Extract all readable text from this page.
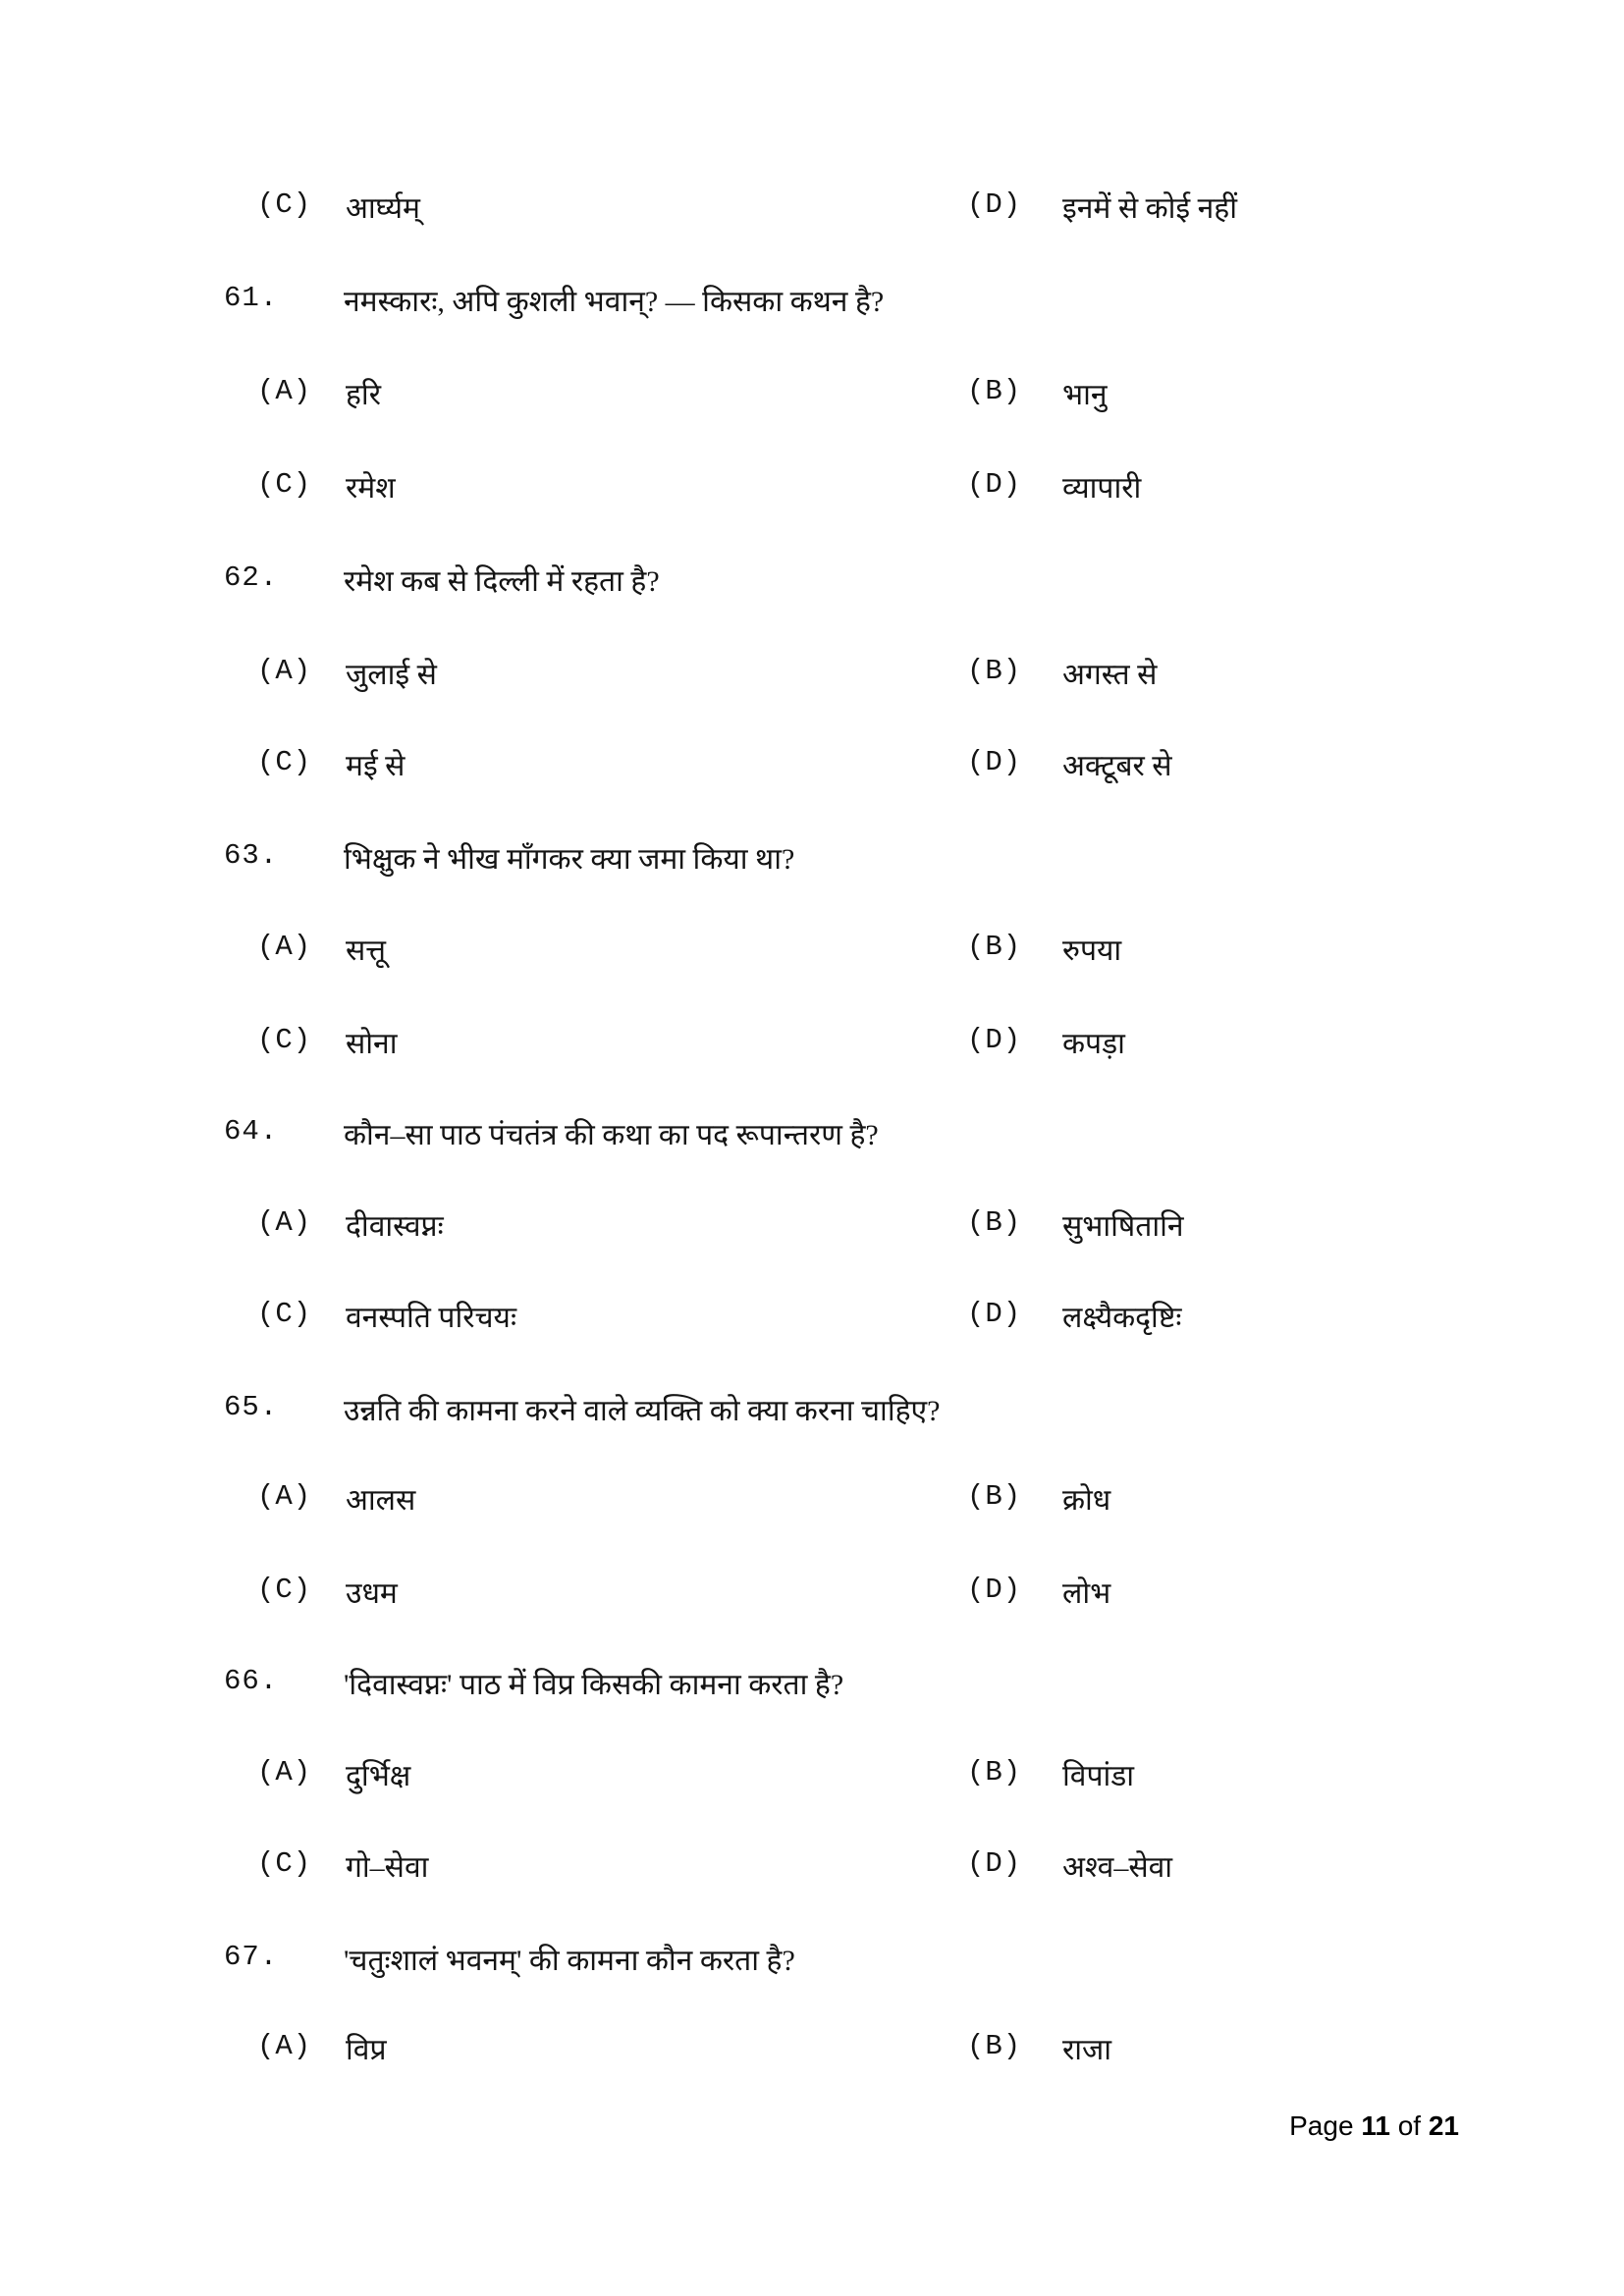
(C) आर्घ्यम्	(D) इनमें से कोई नहीं
61. नमस्कारः, अपि कुशली भवान्? –– किसका कथन है?
(A) हरि	(B) भानु
(C) रमेश	(D) व्यापारी
62. रमेश कब से दिल्ली में रहता है?
(A) जुलाई से	(B) अगस्त से
(C) मई से	(D) अक्टूबर से
63. भिक्षुक ने भीख माँगकर क्या जमा किया था?
(A) सत्तू	(B) रुपया
(C) सोना	(D) कपड़ा
64. कौन–सा पाठ पंचतंत्र की कथा का पद रूपान्तरण है?
(A) दीवास्वप्नः	(B) सुभाषितानि
(C) वनस्पति परिचयः	(D) लक्ष्यैकदृष्टिः
65. उन्नति की कामना करने वाले व्यक्ति को क्या करना चाहिए?
(A) आलस	(B) क्रोध
(C) उधम	(D) लोभ
66. 'दिवास्वप्नः' पाठ में विप्र किसकी कामना करता है?
(A) दुर्भिक्ष	(B) विपांडा
(C) गो–सेवा	(D) अश्व–सेवा
67. 'चतुःशालं भवनम्' की कामना कौन करता है?
(A) विप्र	(B) राजा
Page 11 of 21
